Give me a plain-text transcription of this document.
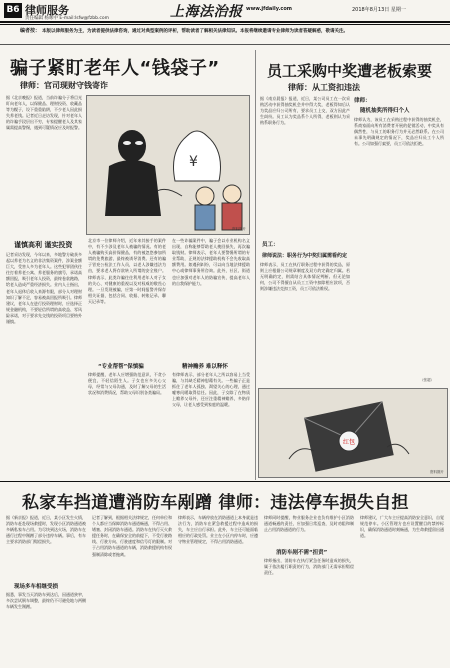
B6 律师服务
责任编辑 杨咏中 E-mail:lsfw@fzbb.com	上海法治报 www.jfdaily.com	2018年8月13日 星期一
编者按： 本版以律师服务为主，为读者提供法律咨询，通过对典型案例的评析，帮助读者了解相关法律知识。本报将继续邀请专业律师为读者答疑解惑，敬请关注。
骗子紧盯老年人“钱袋子”
律师：官司现财守钱寄诈
据《北京晚报》报道，当前诈骗分子将目光盯向老年人，以保健品、理财投资、收藏品等为幌子，设下重重陷阱，不少老人因此损失养老钱。记者近日走访发现，针对老年人的诈骗手段层出不穷，专家提醒老人及其家属需提高警惕，遇到可疑情况应及时报警。
¥
资料图片
谨慎高利 谨实投资
记者采访发现，今年以来，多地警方破获多起以养老为名义的非法集资案件，涉案金额巨大，受害人多为老年人。这些犯罪团伙往往打着养老公寓、养老服务的旗号，承诺高额回报，吸引老年人投资，最终卷款跑路，给老人造成严重经济损失。业内人士指出，老年人退休后收入来源有限，部分人对理财知识了解不足，容易被高回报所吸引。律师建议，老年人在进行投资理财时，应选择正规金融机构，不要轻信所谓的高收益、零风险承诺，对于要求先交钱的投资项目要格外谨慎。
北京市一位律师介绍，近年来其接手的案件中，有不少涉及老年人被骗的情况。有的老人被骗购买高价保健品，有的被忽悠参加所谓的免费旅游，最终被诱导消费。还有的骗子冒充公检法工作人员，以老人涉嫌违法为由，要求老人将存款转入所谓的安全账户。律师表示，此类诈骗往往利用老年人对子女的关心、对健康的重视以及对权威的敬畏心理。一旦发现被骗，应第一时间报警并保存相关证据，包括合同、收据、转账记录、聊天记录等。
“专业帮帮”保慎骗
律师提醒，老年人应增强防范意识，不贪小便宜，不轻信陌生人。子女也应多关心父母，经常与父母沟通，及时了解父母的生活状况和消费情况，帮助父母识别各类骗局。
在一些诈骗案件中，骗子会以专业机构名义出现，自称能够帮助老人挽回损失，再次骗取钱财。律师表示，老年人要警惕所谓的专业帮助，正规的法律援助机构不会先收取高额费用。如遇到纠纷，可以向当地法律援助中心或律师事务所咨询。此外，社区、街道也应加强对老年人的防骗宣传，提高老年人的自我保护能力。
精神赡养 难以释怀
有律师表示，部分老年人之所以容易上当受骗，与其缺乏精神慰藉有关。一些骗子正是抓住了老年人孤独、渴望关心的心理，通过嘘寒问暖取得信任。因此，子女除了在物质上赡养父母外，还应注重精神赡养，多陪伴父母，让老人感受到家庭的温暖。
员工采购中奖遭老板索要
律师：从工资扣违法
据《南京晨报》报道，近日，某公司员工在一次采购活动中获得抽奖机会并中得大奖，老板得知后认为奖品应归公司所有，要求员工上交，双方因此产生纠纷。员工认为奖品系个人所得，老板则认为采购系职务行为。
律师：
随机抽奖所得归个人
律师认为，该员工在采购过程中获得的抽奖机会，系商家面向所有消费者开展的促销活动，中奖具有偶然性，与员工的职务行为并无必然联系。在公司未事先明确规定的情况下，奖品应归员工个人所有。公司如强行索要，员工可依法拒绝。
员工：
律师说法：职务行为中奖归属需看约定
律师表示，员工在执行职务过程中获得的奖品，原则上应根据公司规章制度及双方约定确定归属。若无明确约定，则需结合具体情况判断。但无论如何，公司不得擅自从员工工资中扣除相应款项，否则涉嫌违法克扣工资，员工可依法维权。
（张超）
红包
资料图片
私家车挡道遭消防车剐蹭 律师：违法停车损失自担
据《新京报》报道，近日，某小区发生火情，消防车赶赴现场救援时，发现小区消防通道被多辆私家车占用。为尽快到达火场，消防车在通行过程中剐蹭了部分违停车辆。事后，有车主要求消防部门赔偿损失。
现场多车相继受损
据悉，事发当天消防车到达后，因通道狭窄，多次尝试倒车调整，最终仍不可避免地与两侧车辆发生剐蹭。
记者了解到，根据相关法律规定，任何单位和个人都应当保障消防车通道畅通，不得占用、堵塞、封闭消防车通道。消防车在执行灭火救援任务时，在确保安全的前提下，不受行驶路线、行驶方向、行驶速度和信号灯的限制。对于占用消防车通道的车辆，消防救援机构有权强制清除或者拖离。
律师表示，车辆停放在消防通道上本身就是违法行为，消防车在紧急救援过程中造成的损失，车主应自行承担。此外，车主还可能面临相应的行政处罚。业主在小区内停车时，应遵守物业管理规定，不得占用消防通道。
律师同时提醒，物业服务企业也负有维护小区消防通道畅通的责任，应加强日常巡查，及时劝阻和制止占用消防通道的行为。
消防车剐不需“担责”
律师指出，消防车在执行紧急任务时造成的损失，属于依法履行职责的行为，消防部门无需承担赔偿责任。
律师建议，广大车主应提高消防安全意识，自觉规范停车。小区管理方也应设置醒目的禁停标识，确保消防通道时刻畅通，为生命救援留出通道。
